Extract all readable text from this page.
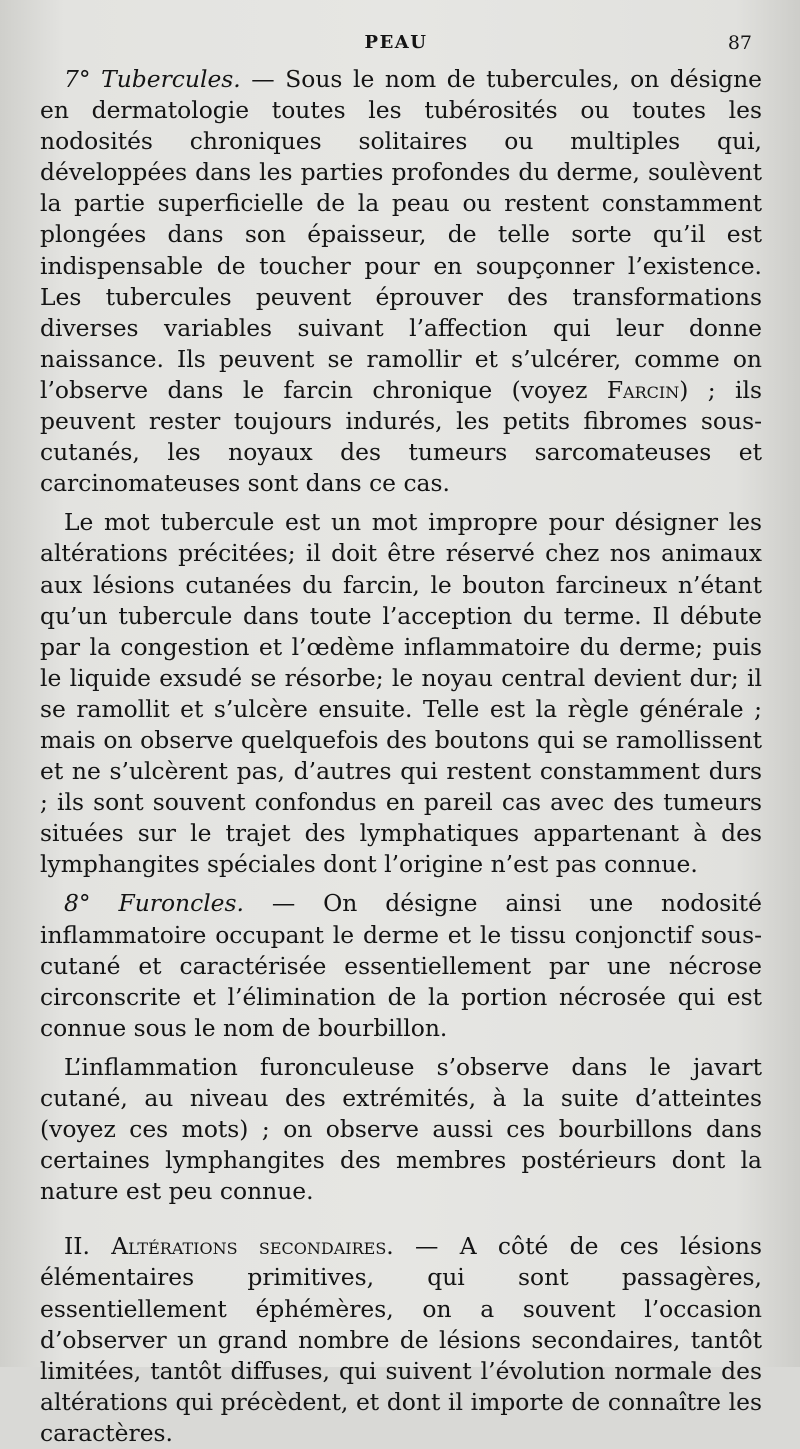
PEAU	87

7° Tubercules. — Sous le nom de tubercules, on désigne en dermatologie toutes les tubérosités ou toutes les nodosités chroniques solitaires ou multiples qui, développées dans les parties profondes du derme, soulèvent la partie superficielle de la peau ou restent constamment plongées dans son épaisseur, de telle sorte qu’il est indispensable de toucher pour en soupçonner l’existence. Les tubercules peuvent éprouver des transformations diverses variables suivant l’affection qui leur donne naissance. Ils peuvent se ramollir et s’ulcérer, comme on l’observe dans le farcin chronique (voyez Farcin) ; ils peuvent rester toujours indurés, les petits fibromes sous-cutanés, les noyaux des tumeurs sarcomateuses et carcinomateuses sont dans ce cas.

Le mot tubercule est un mot impropre pour désigner les altérations précitées; il doit être réservé chez nos animaux aux lésions cutanées du farcin, le bouton farcineux n’étant qu’un tubercule dans toute l’acception du terme. Il débute par la congestion et l’œdème inflammatoire du derme; puis le liquide exsudé se résorbe; le noyau central devient dur; il se ramollit et s’ulcère ensuite. Telle est la règle générale ; mais on observe quelquefois des boutons qui se ramollissent et ne s’ulcèrent pas, d’autres qui restent constamment durs ; ils sont souvent confondus en pareil cas avec des tumeurs situées sur le trajet des lymphatiques appartenant à des lymphangites spéciales dont l’origine n’est pas connue.

8° Furoncles. — On désigne ainsi une nodosité inflammatoire occupant le derme et le tissu conjonctif sous-cutané et caractérisée essentiellement par une nécrose circonscrite et l’élimination de la portion nécrosée qui est connue sous le nom de bourbillon.

L’inflammation furonculeuse s’observe dans le javart cutané, au niveau des extrémités, à la suite d’atteintes (voyez ces mots) ; on observe aussi ces bourbillons dans certaines lymphangites des membres postérieurs dont la nature est peu connue.

II. Altérations secondaires. — A côté de ces lésions élémentaires primitives, qui sont passagères, essentiellement éphémères, on a souvent l’occasion d’observer un grand nombre de lésions secondaires, tantôt limitées, tantôt diffuses, qui suivent l’évolution normale des altérations qui précèdent, et dont il importe de connaître les caractères.
